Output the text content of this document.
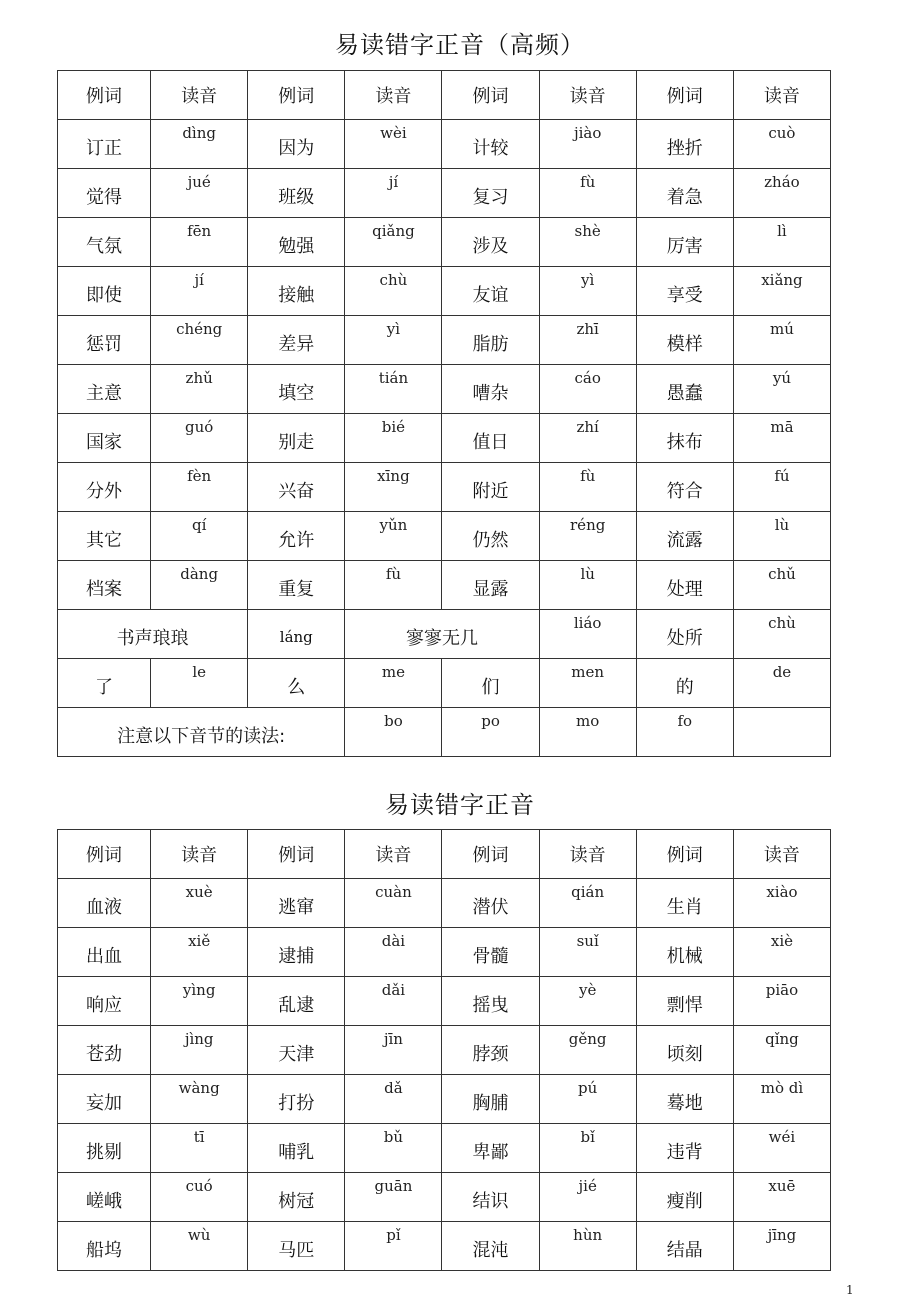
易读错字正音（高频）
例词	读音	例词	读音	例词	读音	例词	读音

订正	dìng	因为	wèi	计较	jiào	挫折	cuò

觉得	jué	班级	jí	复习	fù	着急	zháo

气氛	fēn	勉强	qiǎng	涉及	shè	厉害	lì

即使	jí	接触	chù	友谊	yì	享受	xiǎng

惩罚	chéng	差异	yì	脂肪	zhī	模样	mú

主意	zhǔ	填空	tián	嘈杂	cáo	愚蠢	yú

国家	guó	别走	bié	值日	zhí	抹布	mā

分外	fèn	兴奋	xīng	附近	fù	符合	fú

其它	qí	允许	yǔn	仍然	réng	流露	lù

档案	dàng	重复	fù	显露	lù	处理	chǔ

书声琅琅		láng	寥寥无几		liáo	处所	chù

了	le	么	me	们	men	的	de

注意以下音节的读法:			bo	po	mo	fo	

易读错字正音
例词	读音	例词	读音	例词	读音	例词	读音

血液	xuè	逃窜	cuàn	潜伏	qián	生肖	xiào

出血	xiě	逮捕	dài	骨髓	suǐ	机械	xiè

响应	yìng	乱逮	dǎi	摇曳	yè	剽悍	piāo

苍劲	jìng	天津	jīn	脖颈	gěng	顷刻	qǐng

妄加	wàng	打扮	dǎ	胸脯	pú	蓦地	mò dì

挑剔	tī	哺乳	bǔ	卑鄙	bǐ	违背	wéi

嵯峨	cuó	树冠	guān	结识	jié	瘦削	xuē

船坞	wù	马匹	pǐ	混沌	hùn	结晶	jīng
1
